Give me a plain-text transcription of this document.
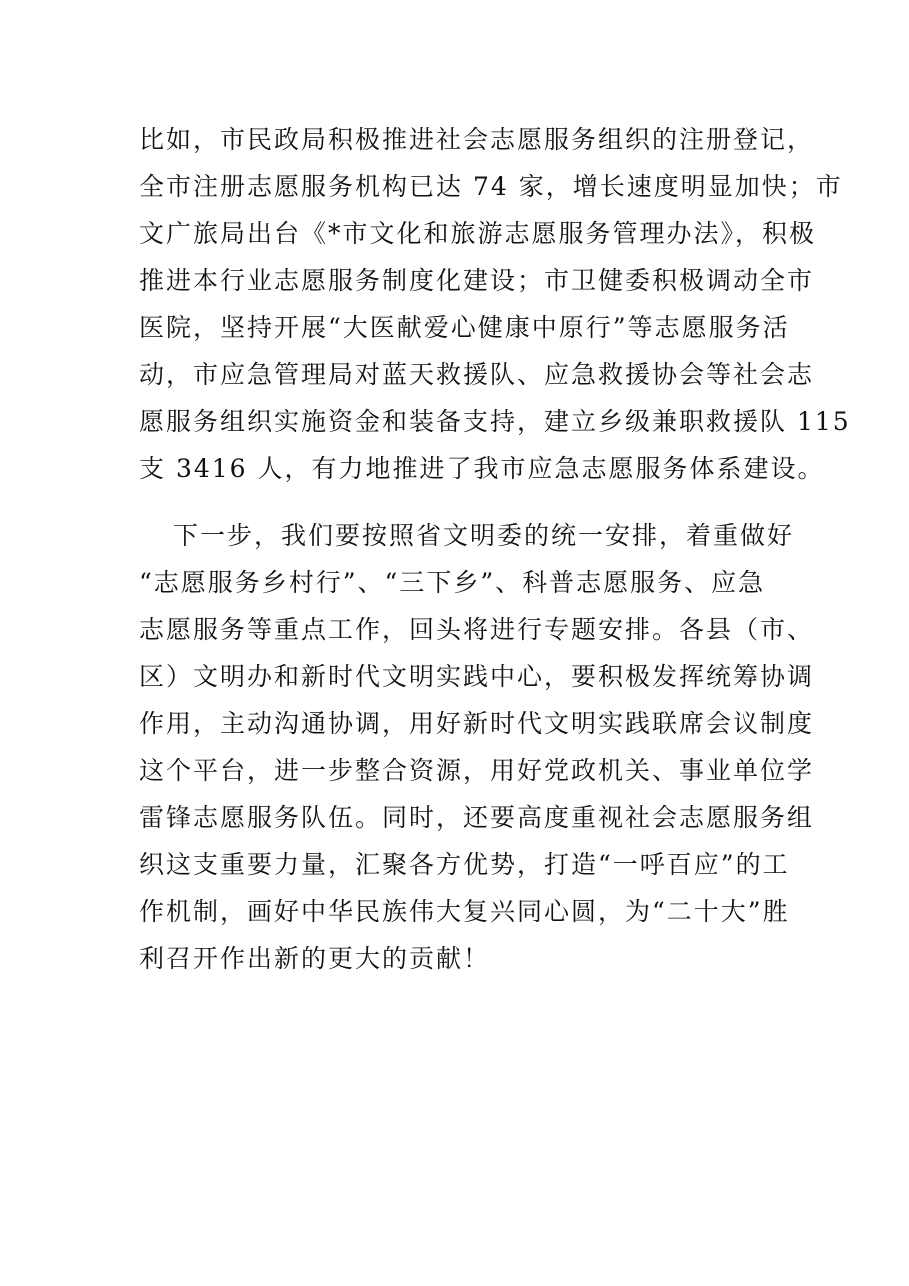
比如，市民政局积极推进社会志愿服务组织的注册登记，
全市注册志愿服务机构已达 74 家，增长速度明显加快；市
文广旅局出台《*市文化和旅游志愿服务管理办法》，积极
推进本行业志愿服务制度化建设；市卫健委积极调动全市
医院，坚持开展“大医献爱心健康中原行”等志愿服务活
动，市应急管理局对蓝天救援队、应急救援协会等社会志
愿服务组织实施资金和装备支持，建立乡级兼职救援队 115
支 3416 人，有力地推进了我市应急志愿服务体系建设。
下一步，我们要按照省文明委的统一安排，着重做好
“志愿服务乡村行”、“三下乡”、科普志愿服务、应急
志愿服务等重点工作，回头将进行专题安排。各县（市、
区）文明办和新时代文明实践中心，要积极发挥统筹协调
作用，主动沟通协调，用好新时代文明实践联席会议制度
这个平台，进一步整合资源，用好党政机关、事业单位学
雷锋志愿服务队伍。同时，还要高度重视社会志愿服务组
织这支重要力量，汇聚各方优势，打造“一呼百应”的工
作机制，画好中华民族伟大复兴同心圆，为“二十大”胜
利召开作出新的更大的贡献！
